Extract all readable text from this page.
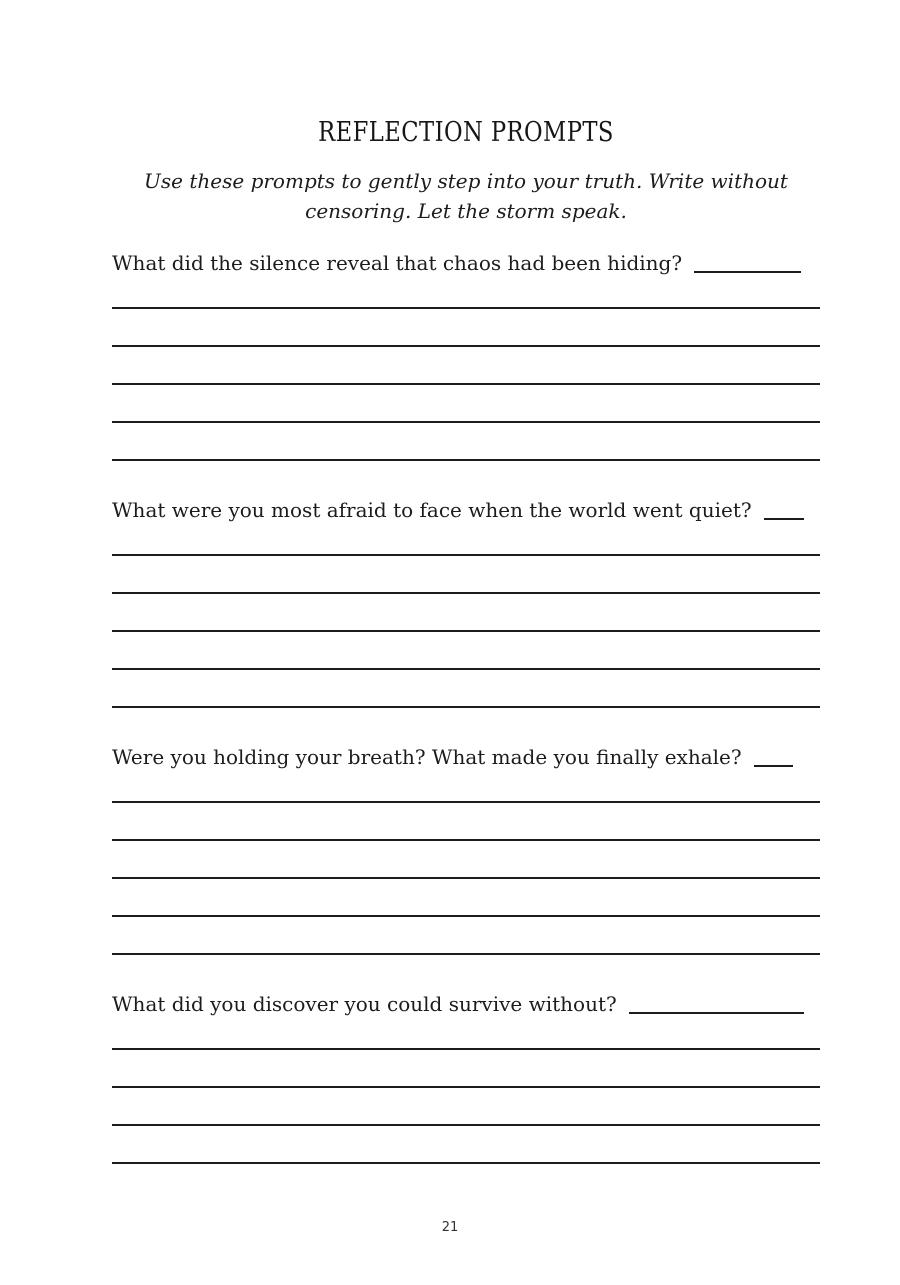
REFLECTION PROMPTS
Use these prompts to gently step into your truth. Write without
censoring. Let the storm speak.
What did the silence reveal that chaos had been hiding?
What were you most afraid to face when the world went quiet?
Were you holding your breath? What made you finally exhale?
What did you discover you could survive without?
21
